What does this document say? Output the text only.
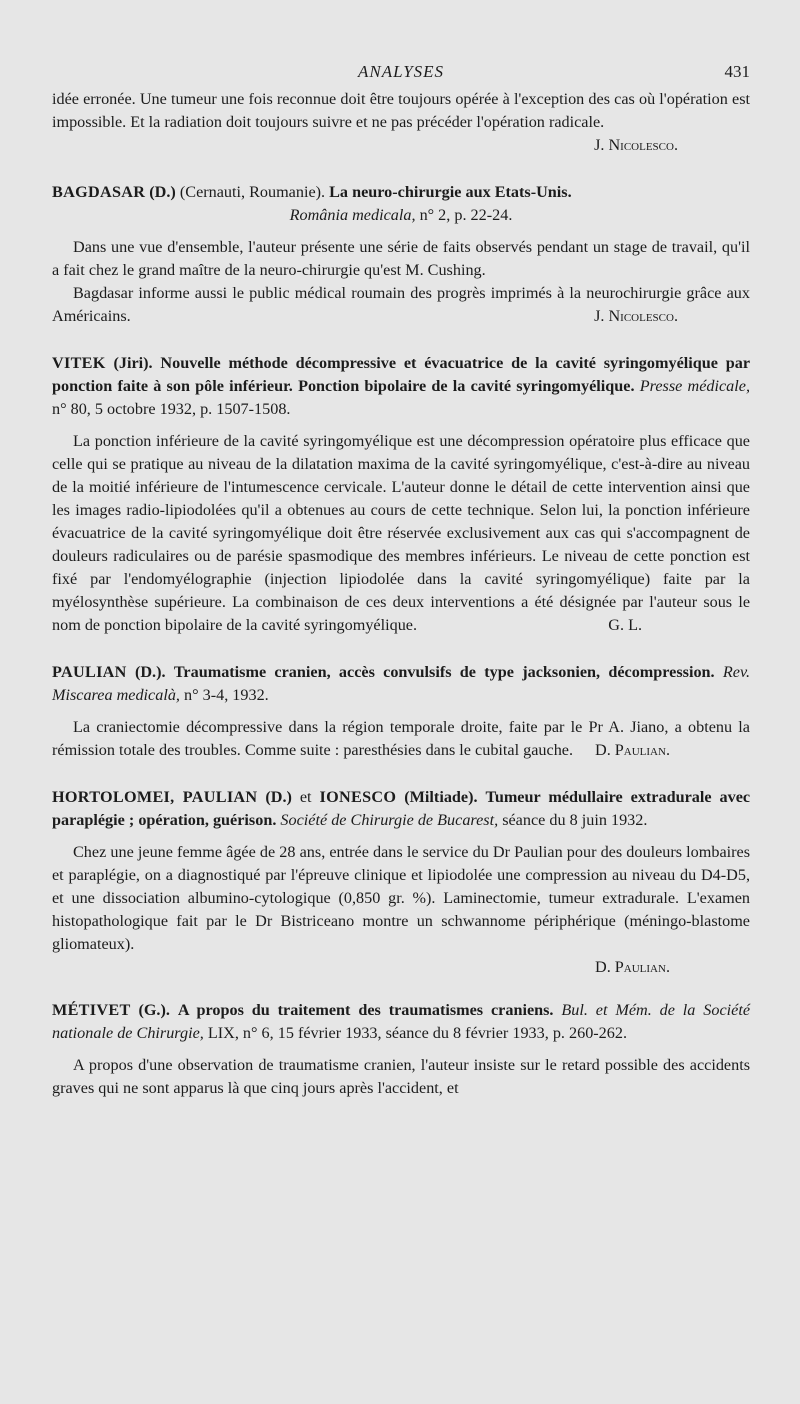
ANALYSES	431

idée erronée. Une tumeur une fois reconnue doit être toujours opérée à l'exception des cas où l'opération est impossible. Et la radiation doit toujours suivre et ne pas précéder l'opération radicale.
J. Nicolesco.

BAGDASAR (D.) (Cernauti, Roumanie). La neuro-chirurgie aux Etats-Unis.

România medicala, n° 2, p. 22-24.

Dans une vue d'ensemble, l'auteur présente une série de faits observés pendant un stage de travail, qu'il a fait chez le grand maître de la neuro-chirurgie qu'est M. Cushing.

Bagdasar informe aussi le public médical roumain des progrès imprimés à la neurochirurgie grâce aux Américains.	J. Nicolesco.

VITEK (Jiri). Nouvelle méthode décompressive et évacuatrice de la cavité syringomyélique par ponction faite à son pôle inférieur. Ponction bipolaire de la cavité syringomyélique. Presse médicale, n° 80, 5 octobre 1932, p. 1507-1508.

La ponction inférieure de la cavité syringomyélique est une décompression opératoire plus efficace que celle qui se pratique au niveau de la dilatation maxima de la cavité syringomyélique, c'est-à-dire au niveau de la moitié inférieure de l'intumescence cervicale. L'auteur donne le détail de cette intervention ainsi que les images radio-lipiodolées qu'il a obtenues au cours de cette technique. Selon lui, la ponction inférieure évacuatrice de la cavité syringomyélique doit être réservée exclusivement aux cas qui s'accompagnent de douleurs radiculaires ou de parésie spasmodique des membres inférieurs. Le niveau de cette ponction est fixé par l'endomyélographie (injection lipiodolée dans la cavité syringomyélique) faite par la myélosynthèse supérieure. La combinaison de ces deux interventions a été désignée par l'auteur sous le nom de ponction bipolaire de la cavité syringomyélique.	G. L.

PAULIAN (D.). Traumatisme cranien, accès convulsifs de type jacksonien, décompression. Rev. Miscarea medicalà, n° 3-4, 1932.

La craniectomie décompressive dans la région temporale droite, faite par le Pr A. Jiano, a obtenu la rémission totale des troubles. Comme suite : paresthésies dans le cubital gauche.	D. Paulian.

HORTOLOMEI, PAULIAN (D.) et IONESCO (Miltiade). Tumeur médullaire extradurale avec paraplégie ; opération, guérison. Société de Chirurgie de Bucarest, séance du 8 juin 1932.

Chez une jeune femme âgée de 28 ans, entrée dans le service du Dr Paulian pour des douleurs lombaires et paraplégie, on a diagnostiqué par l'épreuve clinique et lipiodolée une compression au niveau du D4-D5, et une dissociation albumino-cytologique (0,850 gr. %). Laminectomie, tumeur extradurale. L'examen histopathologique fait par le Dr Bistriceano montre un schwannome périphérique (méningo-blastome gliomateux).

D. Paulian.

MÉTIVET (G.). A propos du traitement des traumatismes craniens. Bul. et Mém. de la Société nationale de Chirurgie, LIX, n° 6, 15 février 1933, séance du 8 février 1933, p. 260-262.

A propos d'une observation de traumatisme cranien, l'auteur insiste sur le retard possible des accidents graves qui ne sont apparus là que cinq jours après l'accident, et
